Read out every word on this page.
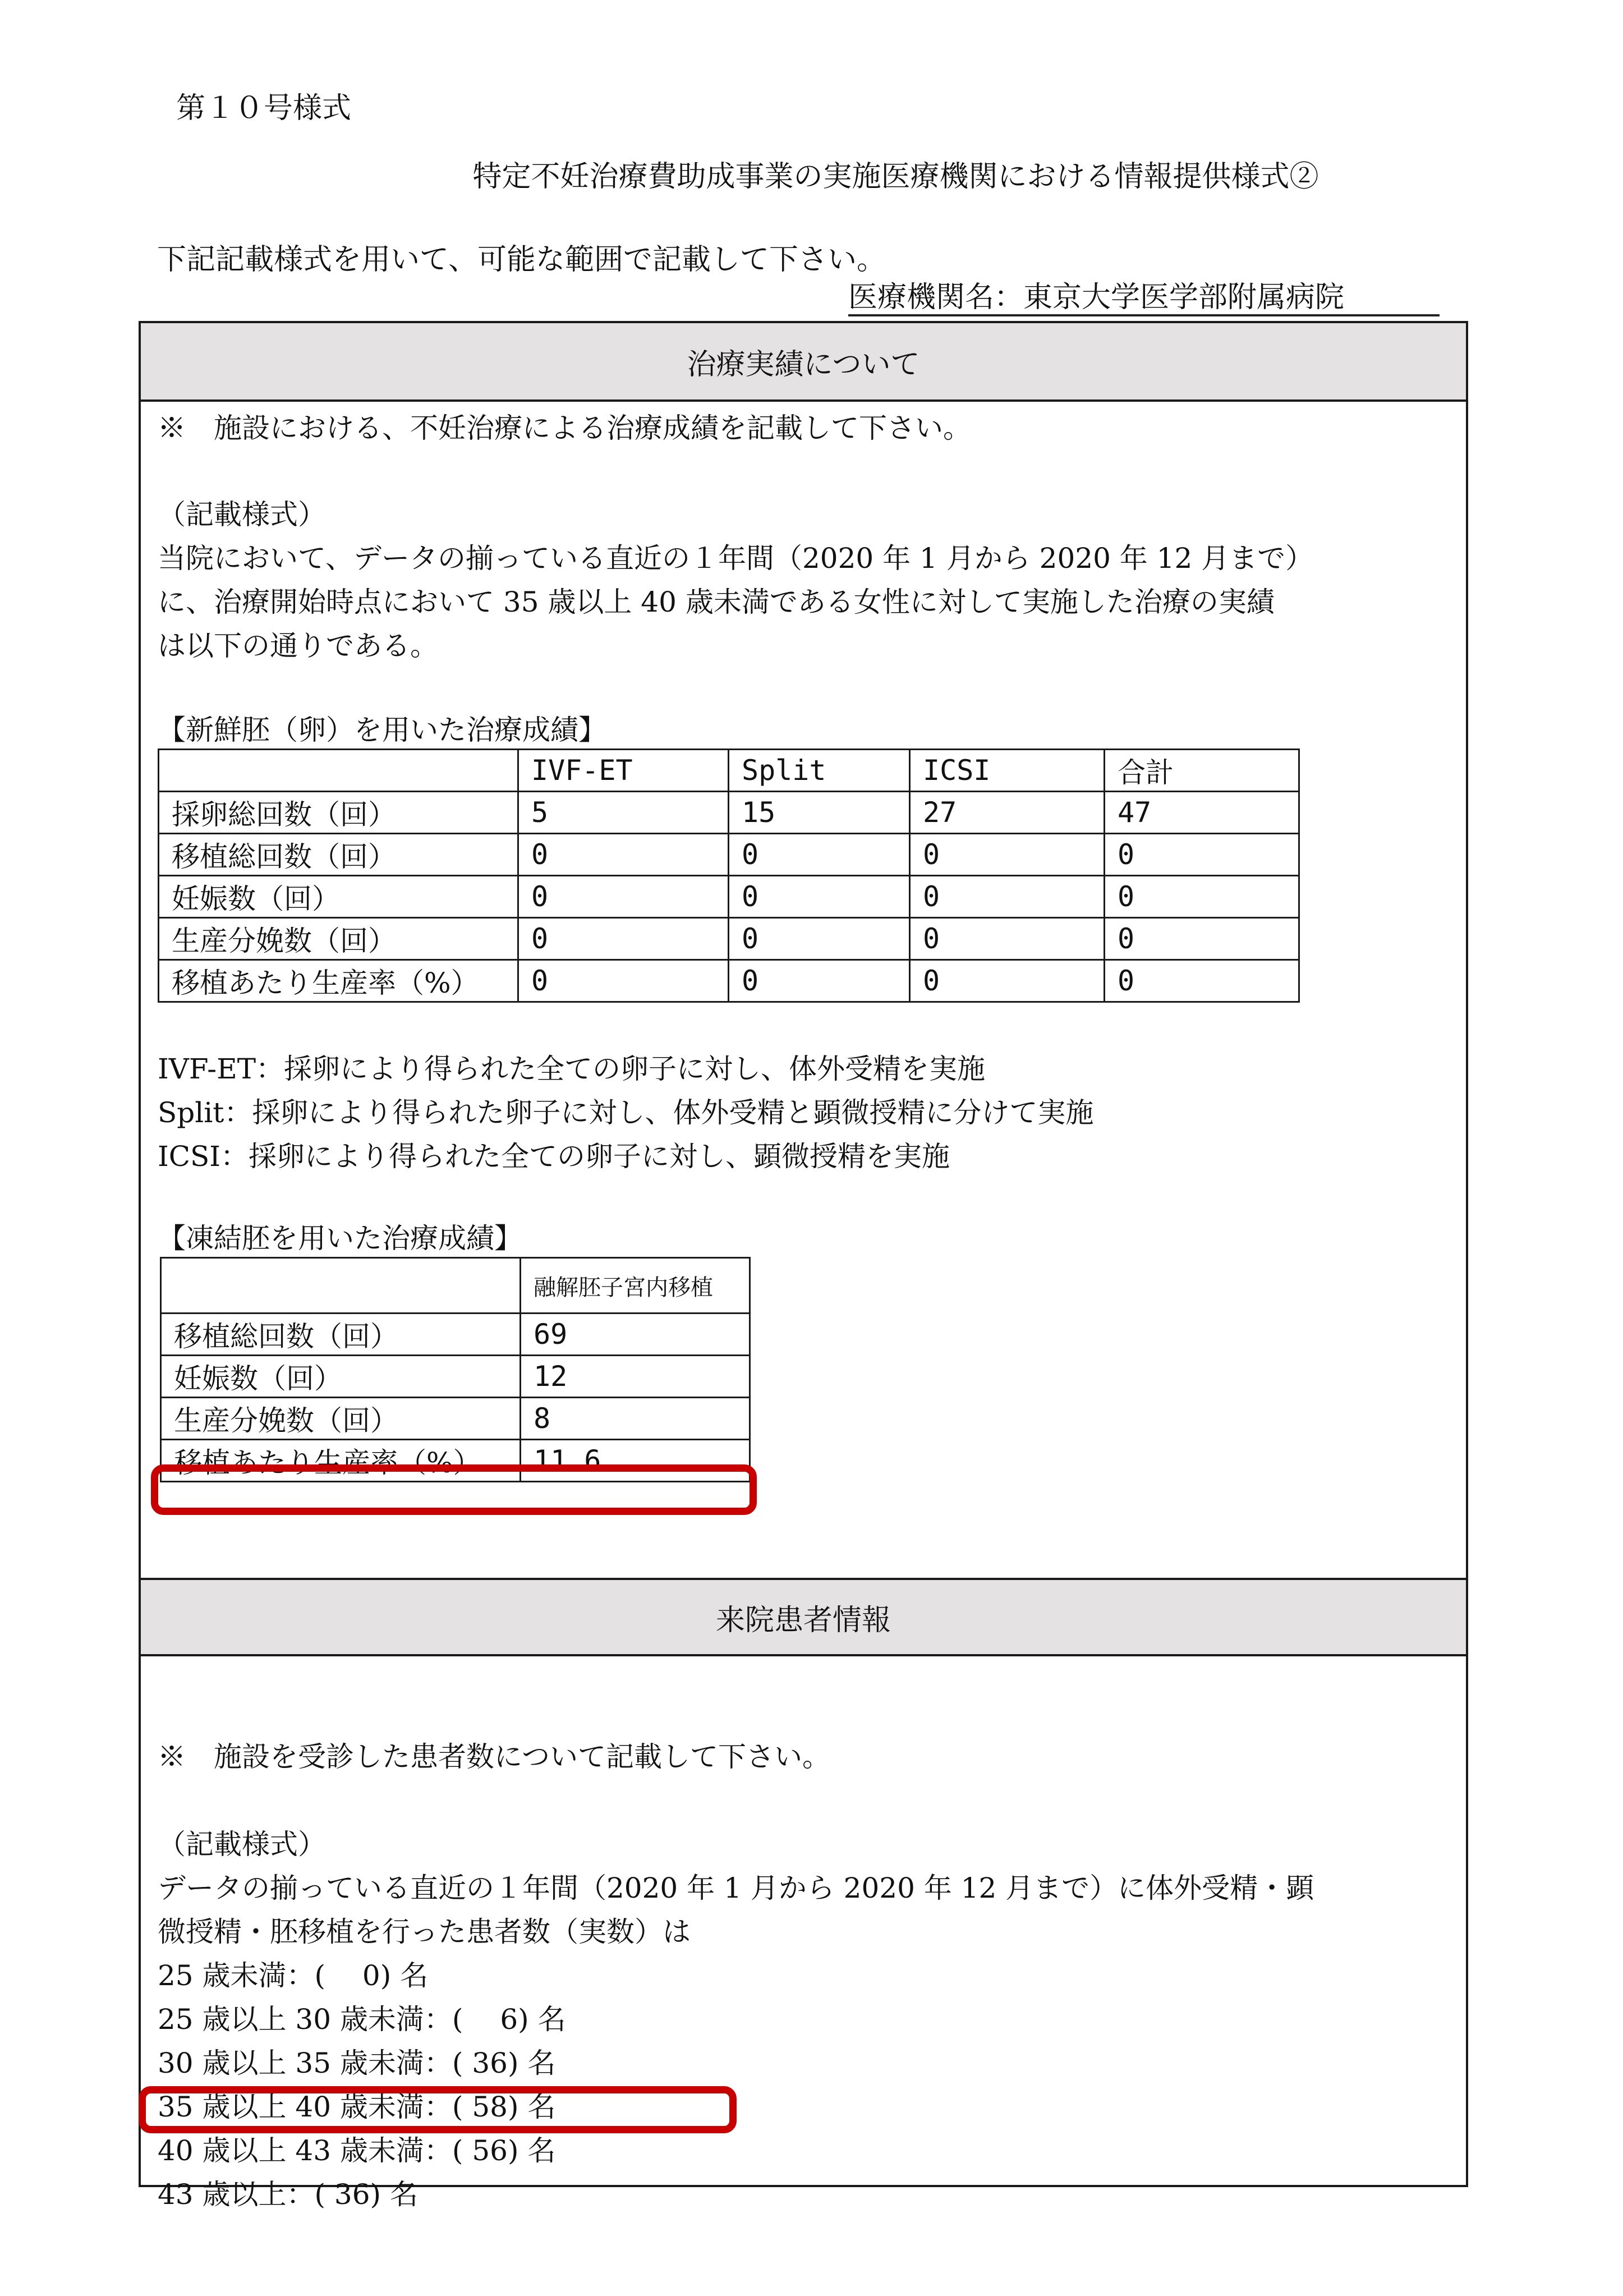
第１０号様式
特定不妊治療費助成事業の実施医療機関における情報提供様式②
下記記載様式を用いて、可能な範囲で記載して下さい。
医療機関名：東京大学医学部附属病院
治療実績について
※　施設における、不妊治療による治療成績を記載して下さい。
（記載様式）
当院において、データの揃っている直近の１年間（2020 年 1 月から 2020 年 12 月まで）
に、治療開始時点において 35 歳以上 40 歳未満である女性に対して実施した治療の実績
は以下の通りである。
【新鮮胚（卵）を用いた治療成績】
	IVF-ET	Split	ICSI	合計
採卵総回数（回）	5	15	27	47
移植総回数（回）	0	0	0	0
妊娠数（回）	0	0	0	0
生産分娩数（回）	0	0	0	0
移植あたり生産率（%）	0	0	0	0
IVF-ET：採卵により得られた全ての卵子に対し、体外受精を実施
Split：採卵により得られた卵子に対し、体外受精と顕微授精に分けて実施
ICSI：採卵により得られた全ての卵子に対し、顕微授精を実施
【凍結胚を用いた治療成績】
	融解胚子宮内移植
移植総回数（回）	69
妊娠数（回）	12
生産分娩数（回）	8
移植あたり生産率（%）	11.6
来院患者情報
※　施設を受診した患者数について記載して下さい。
（記載様式）
データの揃っている直近の１年間（2020 年 1 月から 2020 年 12 月まで）に体外受精・顕
微授精・胚移植を行った患者数（実数）は
25 歳未満：(　 0) 名
25 歳以上 30 歳未満：(　 6) 名
30 歳以上 35 歳未満：( 36) 名
35 歳以上 40 歳未満：( 58) 名
40 歳以上 43 歳未満：( 56) 名
43 歳以上：( 36) 名
